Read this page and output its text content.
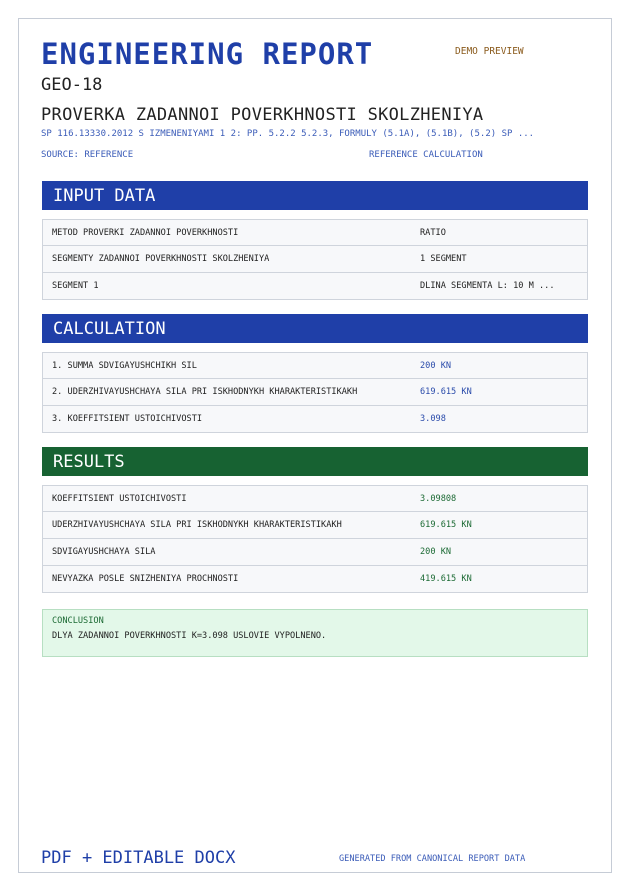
ENGINEERING REPORT	DEMO PREVIEW
GEO-18
PROVERKA ZADANNOI POVERKHNOSTI SKOLZHENIYA
SP 116.13330.2012 S IZMENENIYAMI 1 2: PP. 5.2.2 5.2.3, FORMULY (5.1A), (5.1B), (5.2) SP ...
SOURCE: REFERENCE	REFERENCE CALCULATION
INPUT DATA
METOD PROVERKI ZADANNOI POVERKHNOSTI	RATIO
SEGMENTY ZADANNOI POVERKHNOSTI SKOLZHENIYA	1 SEGMENT
SEGMENT 1	DLINA SEGMENTA L: 10 M ...
CALCULATION
1. SUMMA SDVIGAYUSHCHIKH SIL	200 KN
2. UDERZHIVAYUSHCHAYA SILA PRI ISKHODNYKH KHARAKTERISTIKAKH	619.615 KN
3. KOEFFITSIENT USTOICHIVOSTI	3.098
RESULTS
KOEFFITSIENT USTOICHIVOSTI	3.09808
UDERZHIVAYUSHCHAYA SILA PRI ISKHODNYKH KHARAKTERISTIKAKH	619.615 KN
SDVIGAYUSHCHAYA SILA	200 KN
NEVYAZKA POSLE SNIZHENIYA PROCHNOSTI	419.615 KN
CONCLUSION
DLYA ZADANNOI POVERKHNOSTI K=3.098 USLOVIE VYPOLNENO.
PDF + EDITABLE DOCX	GENERATED FROM CANONICAL REPORT DATA
